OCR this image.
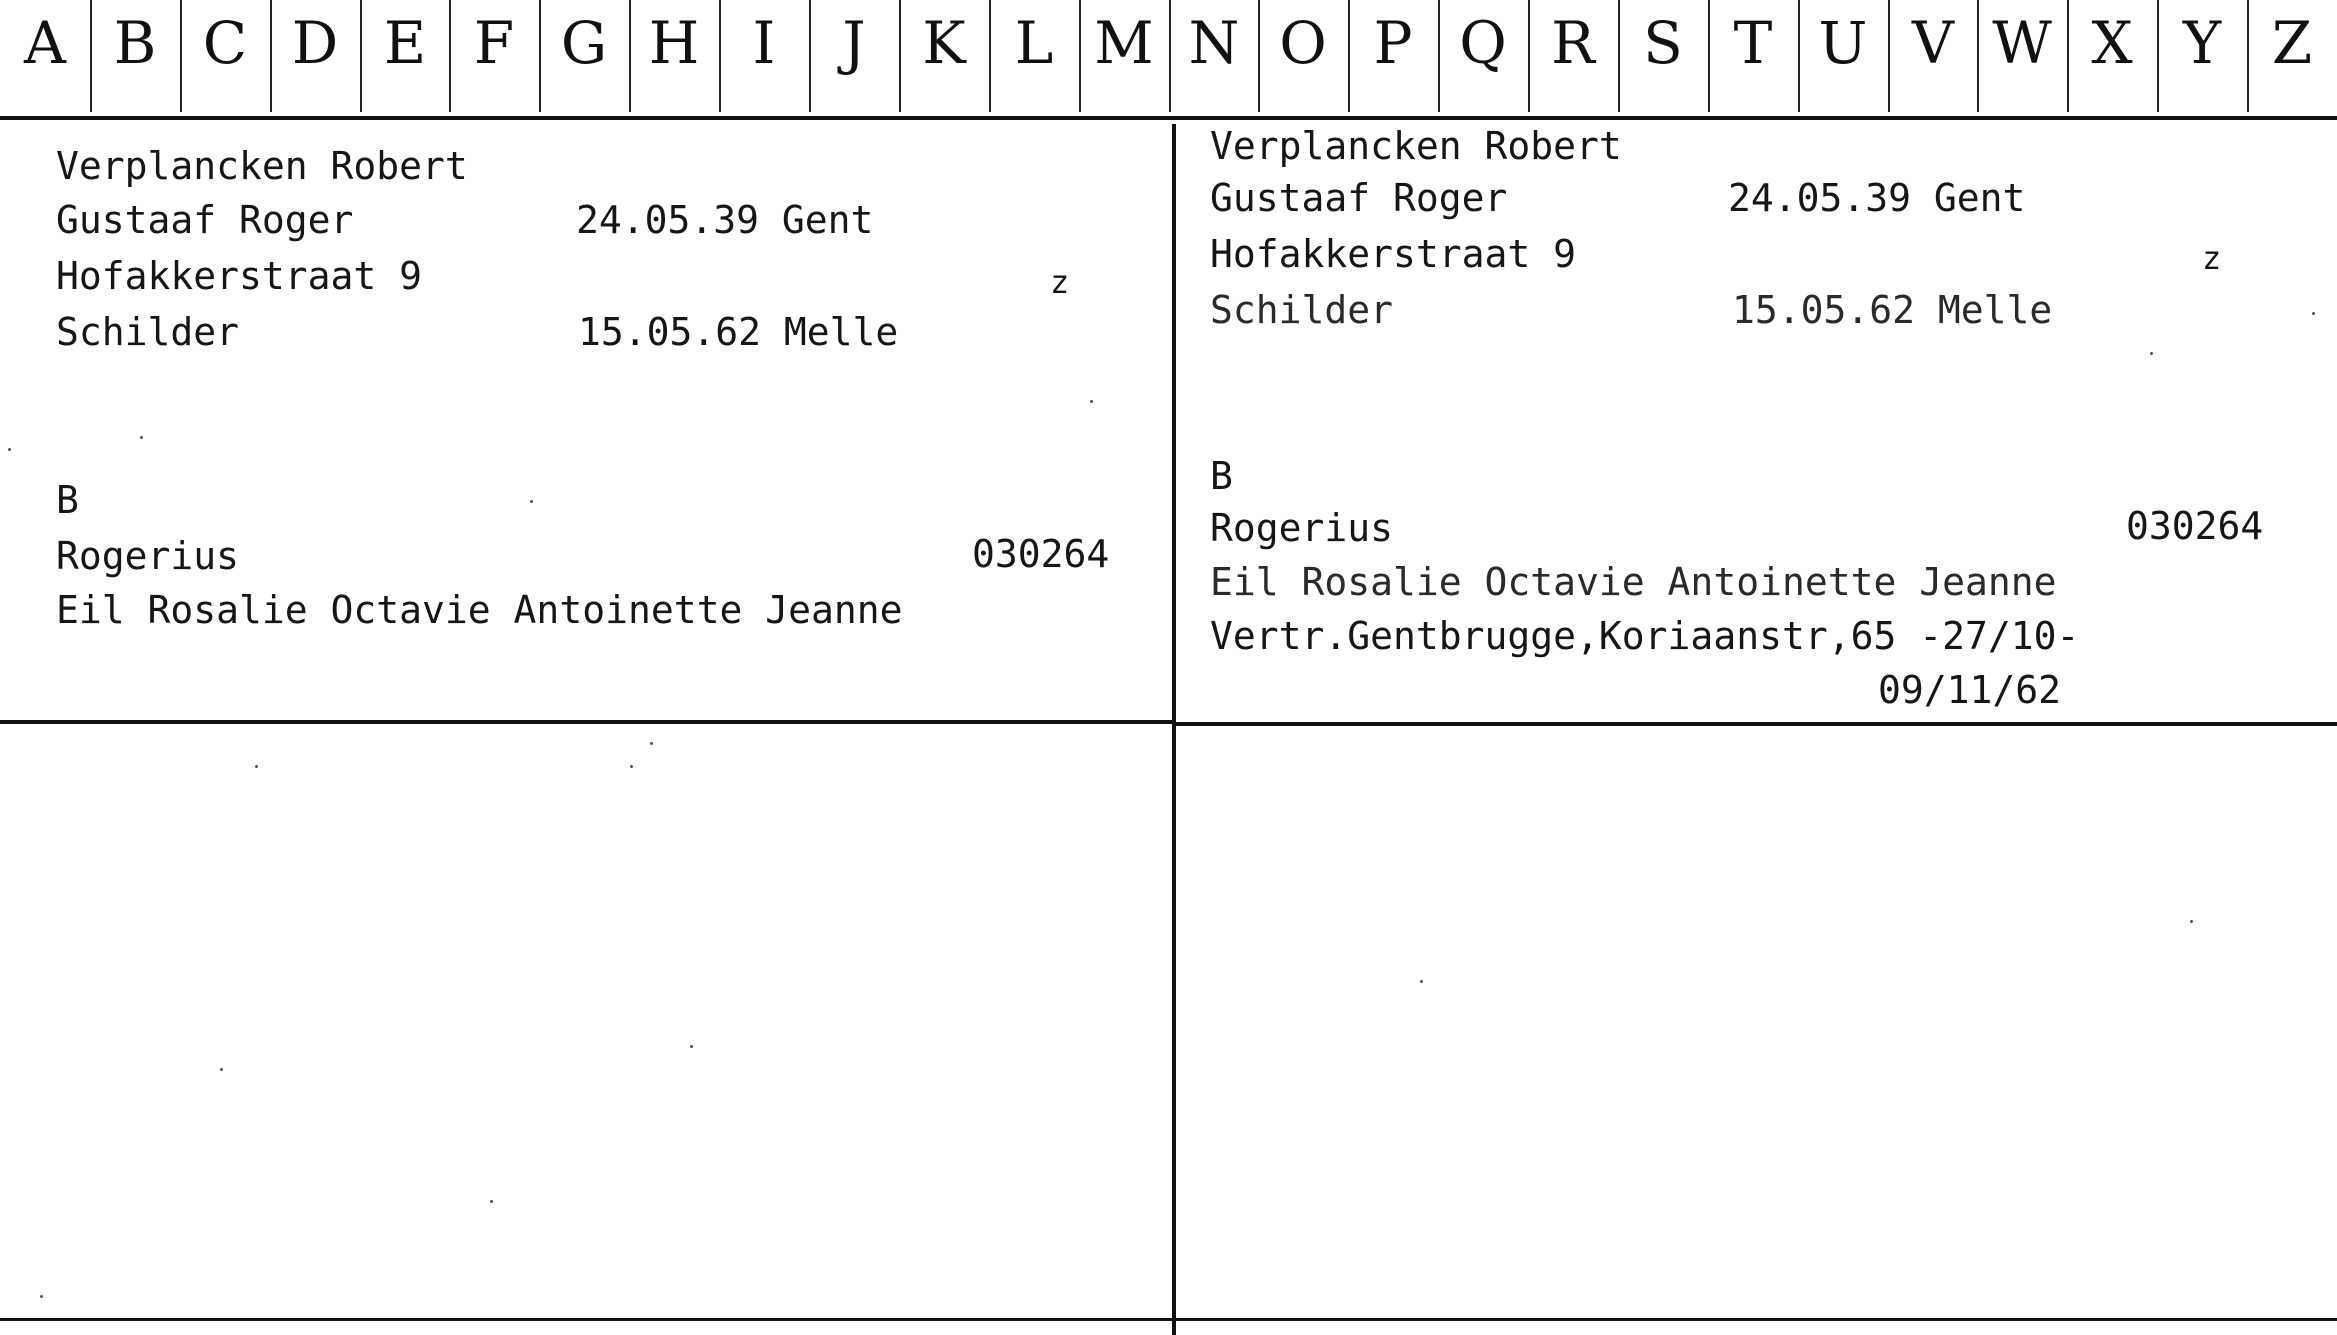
A B C D E F G H I	J K L M N O P Q R S T U V W X Y Z

Verplancken Robert

Gustaaf Roger

	24.05.39 Gent

Hofakkerstraat 9

	z

Schilder

	15.05.62 Melle

B

Rogerius

	030264

Eil Rosalie Octavie Antoinette Jeanne

Verplancken Robert

Gustaaf Roger

	24.05.39 Gent

Hofakkerstraat 9

	z

Schilder

	15.05.62 Melle

B

Rogerius

	030264

Eil Rosalie Octavie Antoinette Jeanne

Vertr.Gentbrugge,Koriaanstr,65 -27/10-

09/11/62
